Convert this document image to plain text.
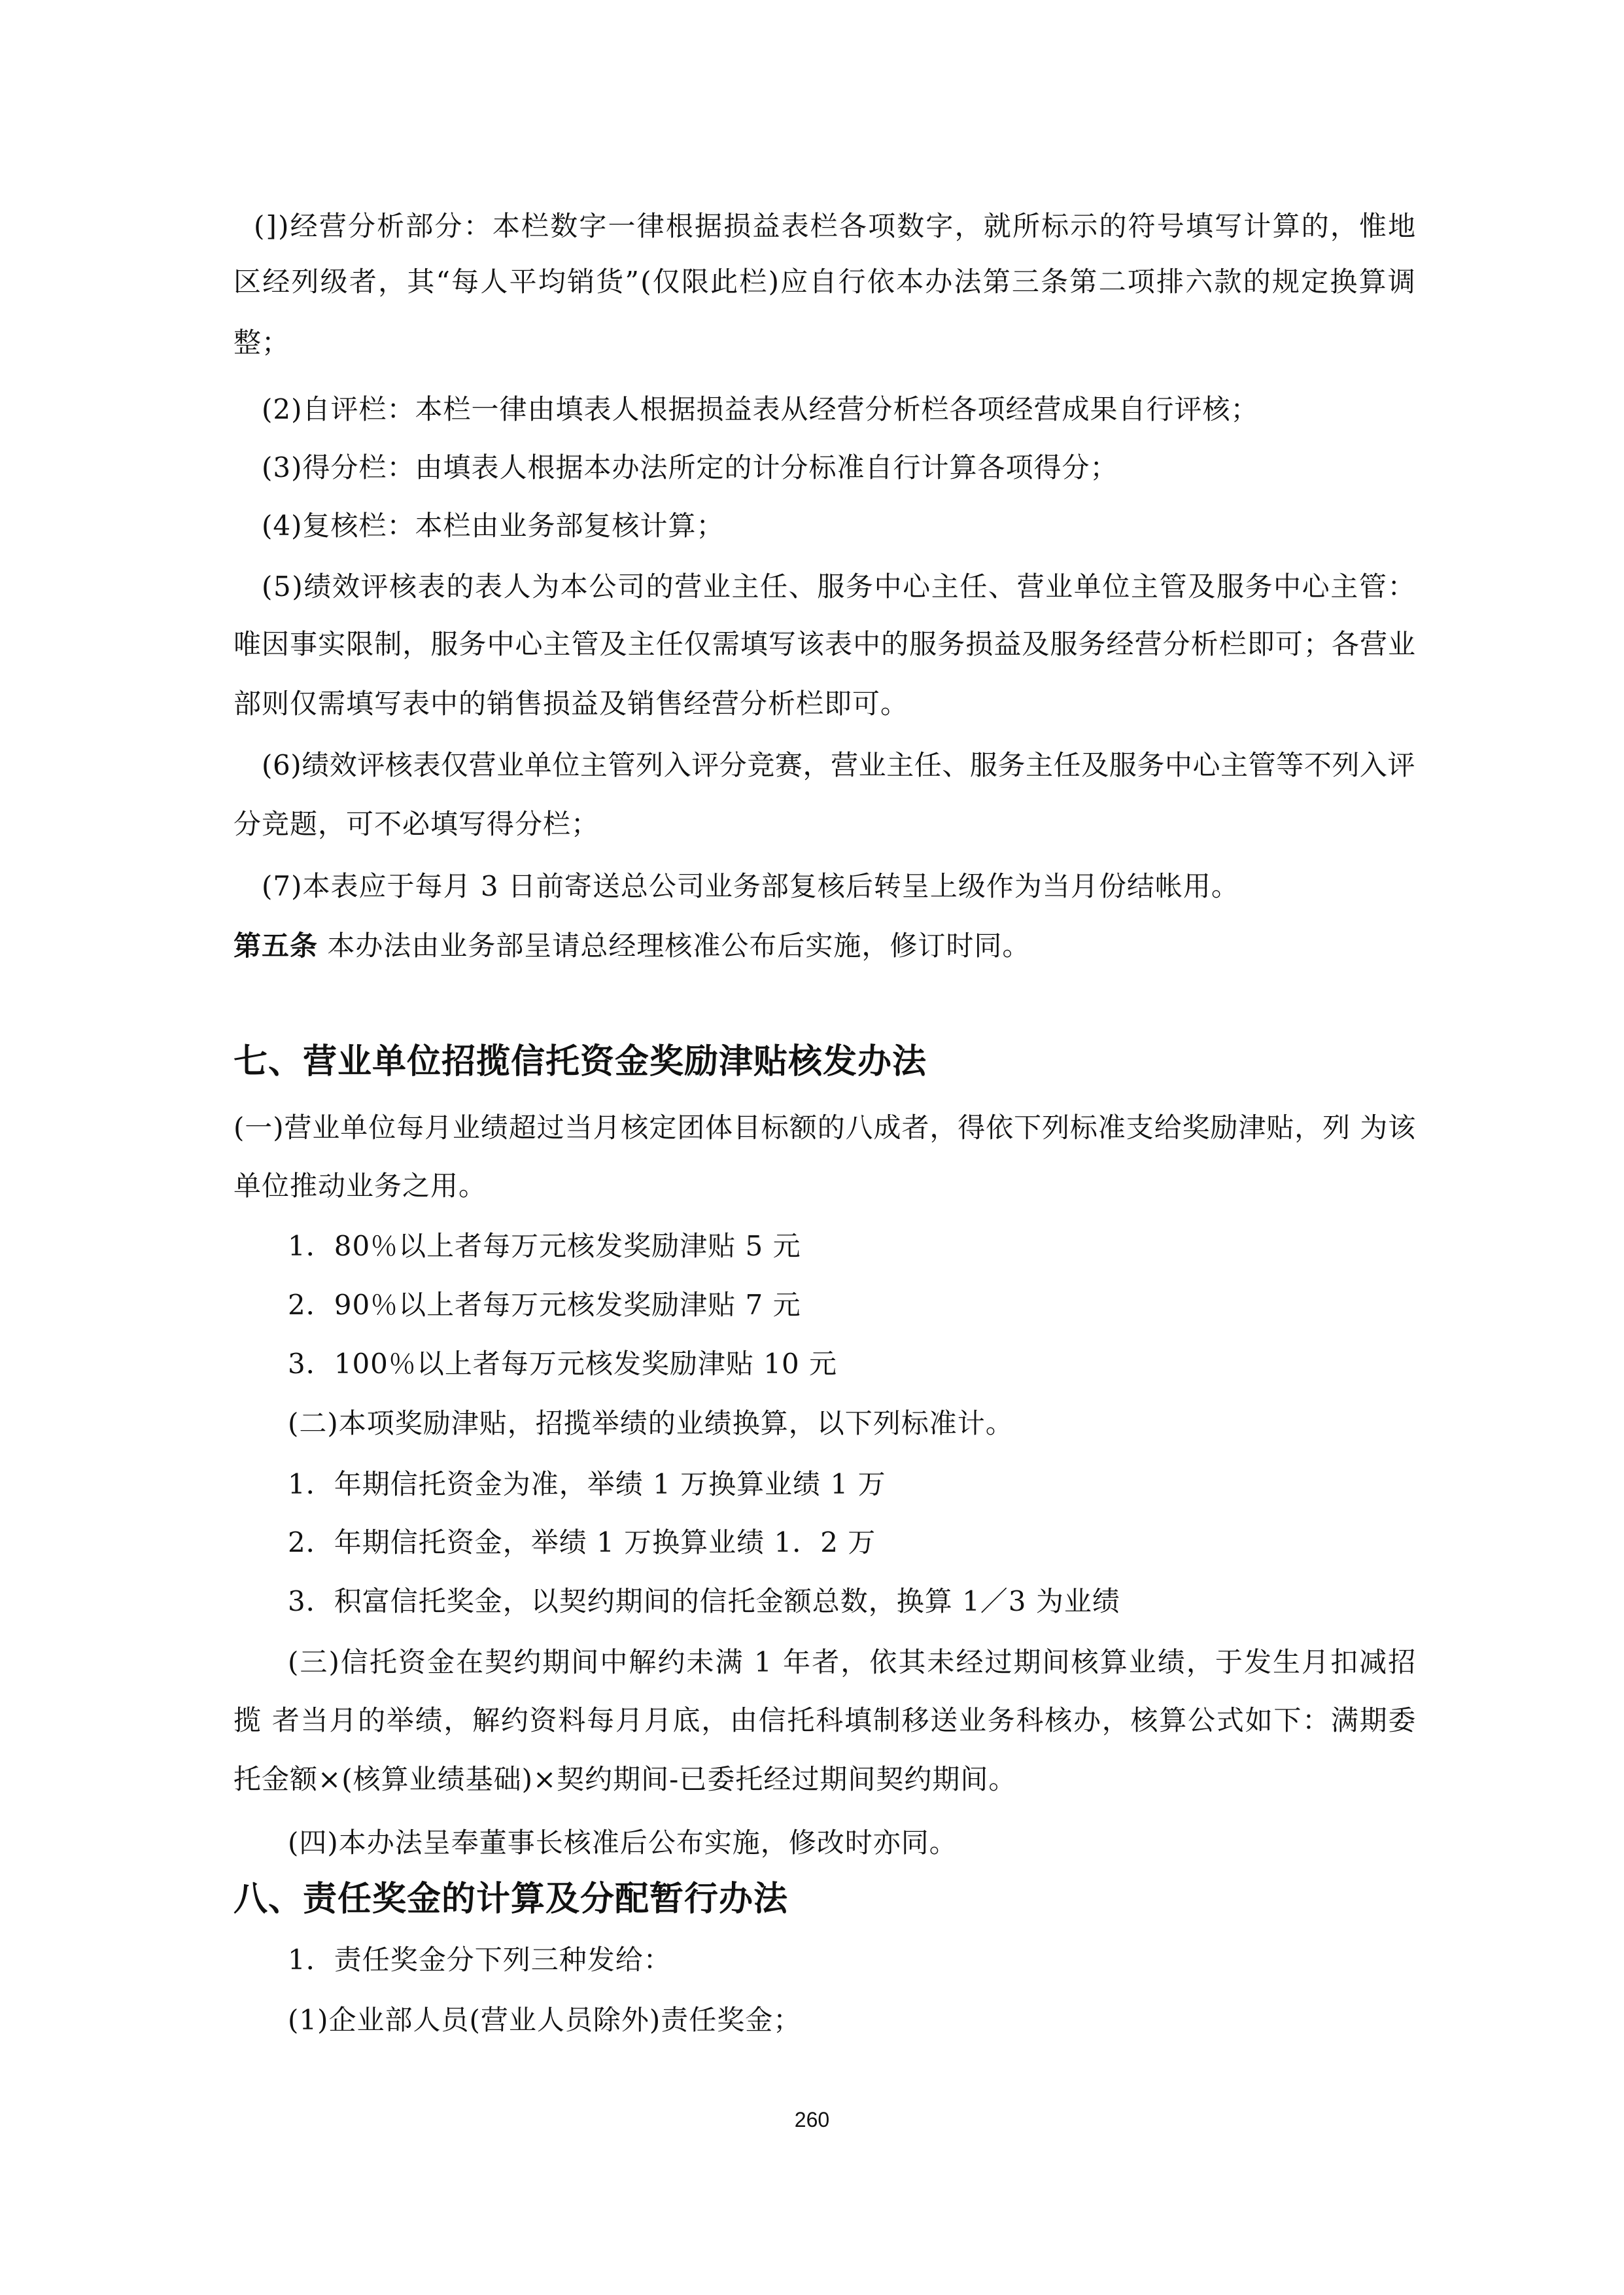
(])经营分析部分：本栏数字一律根据损益表栏各项数字，就所标示的符号填写计算的，惟地
区经列级者，其“每人平均销货”(仅限此栏)应自行依本办法第三条第二项排六款的规定换算调
整；
(2)自评栏：本栏一律由填表人根据损益表从经营分析栏各项经营成果自行评核；
(3)得分栏：由填表人根据本办法所定的计分标准自行计算各项得分；
(4)复核栏：本栏由业务部复核计算；
(5)绩效评核表的表人为本公司的营业主任、服务中心主任、营业单位主管及服务中心主管：
唯因事实限制，服务中心主管及主任仅需填写该表中的服务损益及服务经营分析栏即可；各营业
部则仅需填写表中的销售损益及销售经营分析栏即可。
(6)绩效评核表仅营业单位主管列入评分竞赛，营业主任、服务主任及服务中心主管等不列入评
分竞题，可不必填写得分栏；
(7)本表应于每月 3 日前寄送总公司业务部复核后转呈上级作为当月份结帐用。
第五条 本办法由业务部呈请总经理核准公布后实施，修订时同。
七、营业单位招揽信托资金奖励津贴核发办法
(一)营业单位每月业绩超过当月核定团体目标额的八成者，得依下列标准支给奖励津贴，列 为该
单位推动业务之用。
1．80％以上者每万元核发奖励津贴 5 元
2．90％以上者每万元核发奖励津贴 7 元
3．100％以上者每万元核发奖励津贴 10 元
(二)本项奖励津贴，招揽举绩的业绩换算，以下列标准计。
1．年期信托资金为准，举绩 1 万换算业绩 1 万
2．年期信托资金，举绩 1 万换算业绩 1．2 万
3．积富信托奖金，以契约期间的信托金额总数，换算 1／3 为业绩
(三)信托资金在契约期间中解约未满 1 年者，依其未经过期间核算业绩，于发生月扣减招
揽 者当月的举绩，解约资料每月月底，由信托科填制移送业务科核办，核算公式如下：满期委
托金额×(核算业绩基础)×契约期间-已委托经过期间契约期间。
(四)本办法呈奉董事长核准后公布实施，修改时亦同。
八、责任奖金的计算及分配暂行办法
1．责任奖金分下列三种发给：
(1)企业部人员(营业人员除外)责任奖金；
260
